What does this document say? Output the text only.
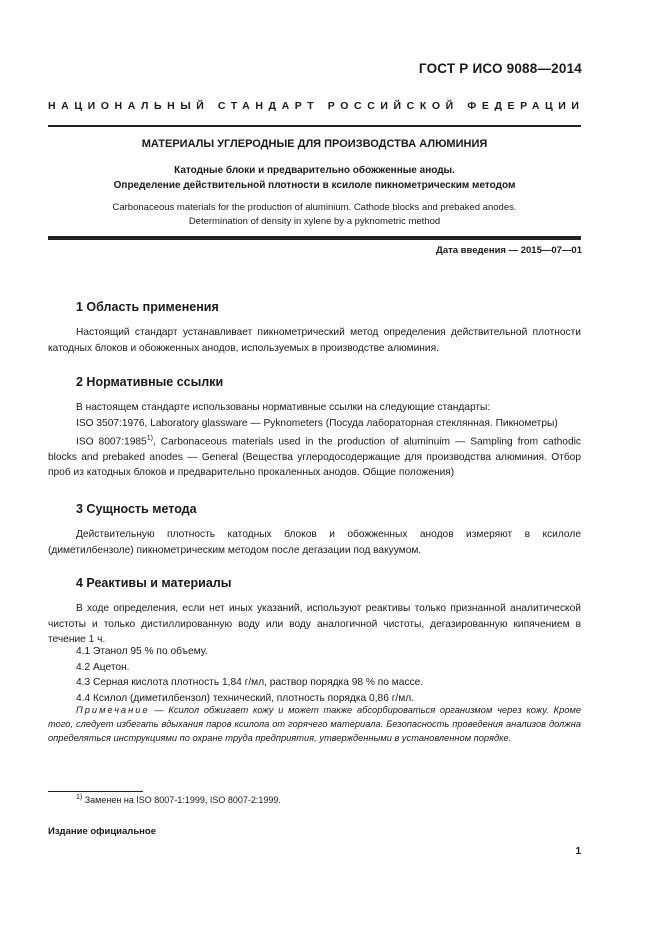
ГОСТ Р ИСО 9088—2014
НАЦИОНАЛЬНЫЙ СТАНДАРТ РОССИЙСКОЙ ФЕДЕРАЦИИ
МАТЕРИАЛЫ УГЛЕРОДНЫЕ ДЛЯ ПРОИЗВОДСТВА АЛЮМИНИЯ
Катодные блоки и предварительно обожженные аноды.
Определение действительной плотности в ксилоле пикнометрическим методом
Carbonaceous materials for the production of aluminium. Cathode blocks and prebaked anodes.
Determination of density in xylene by a pyknometric method
Дата введения — 2015—07—01
1 Область применения
Настоящий стандарт устанавливает пикнометрический метод определения действительной плотности катодных блоков и обожженных анодов, используемых в производстве алюминия.
2 Нормативные ссылки
В настоящем стандарте использованы нормативные ссылки на следующие стандарты:
ISO 3507:1976, Laboratory glassware — Pyknometers (Посуда лабораторная стеклянная. Пикнометры)
ISO 8007:1985$^{1)}$, Carbonaceous materials used in the production of aluminuim — Sampling from cathodic blocks and prebaked anodes — General (Вещества углеродосодержащие для производства алюминия. Отбор проб из катодных блоков и предварительно прокаленных анодов. Общие положения)
3 Сущность метода
Действительную плотность катодных блоков и обожженных анодов измеряют в ксилоле (диметилбензоле) пикнометрическим методом после дегазации под вакуумом.
4 Реактивы и материалы
В ходе определения, если нет иных указаний, используют реактивы только признанной аналитической чистоты и только дистиллированную воду или воду аналогичной чистоты, дегазированную кипячением в течение 1 ч.
4.1 Этанол 95 % по объему.
4.2 Ацетон.
4.3 Серная кислота плотность 1,84 г/мл, раствор порядка 98 % по массе.
4.4 Ксилол (диметилбензол) технический, плотность порядка 0,86 г/мл.
Примечание — Ксилол обжигает кожу и может также абсорбироваться организмом через кожу. Кроме того, следует избегать вдыхания паров ксилола от горячего материала. Безопасность проведения анализов должна определяться инструкциями по охране труда предприятия, утвержденными в установленном порядке.
$^{1)}$ Заменен на ISO 8007-1:1999, ISO 8007-2:1999.
Издание официальное
1
